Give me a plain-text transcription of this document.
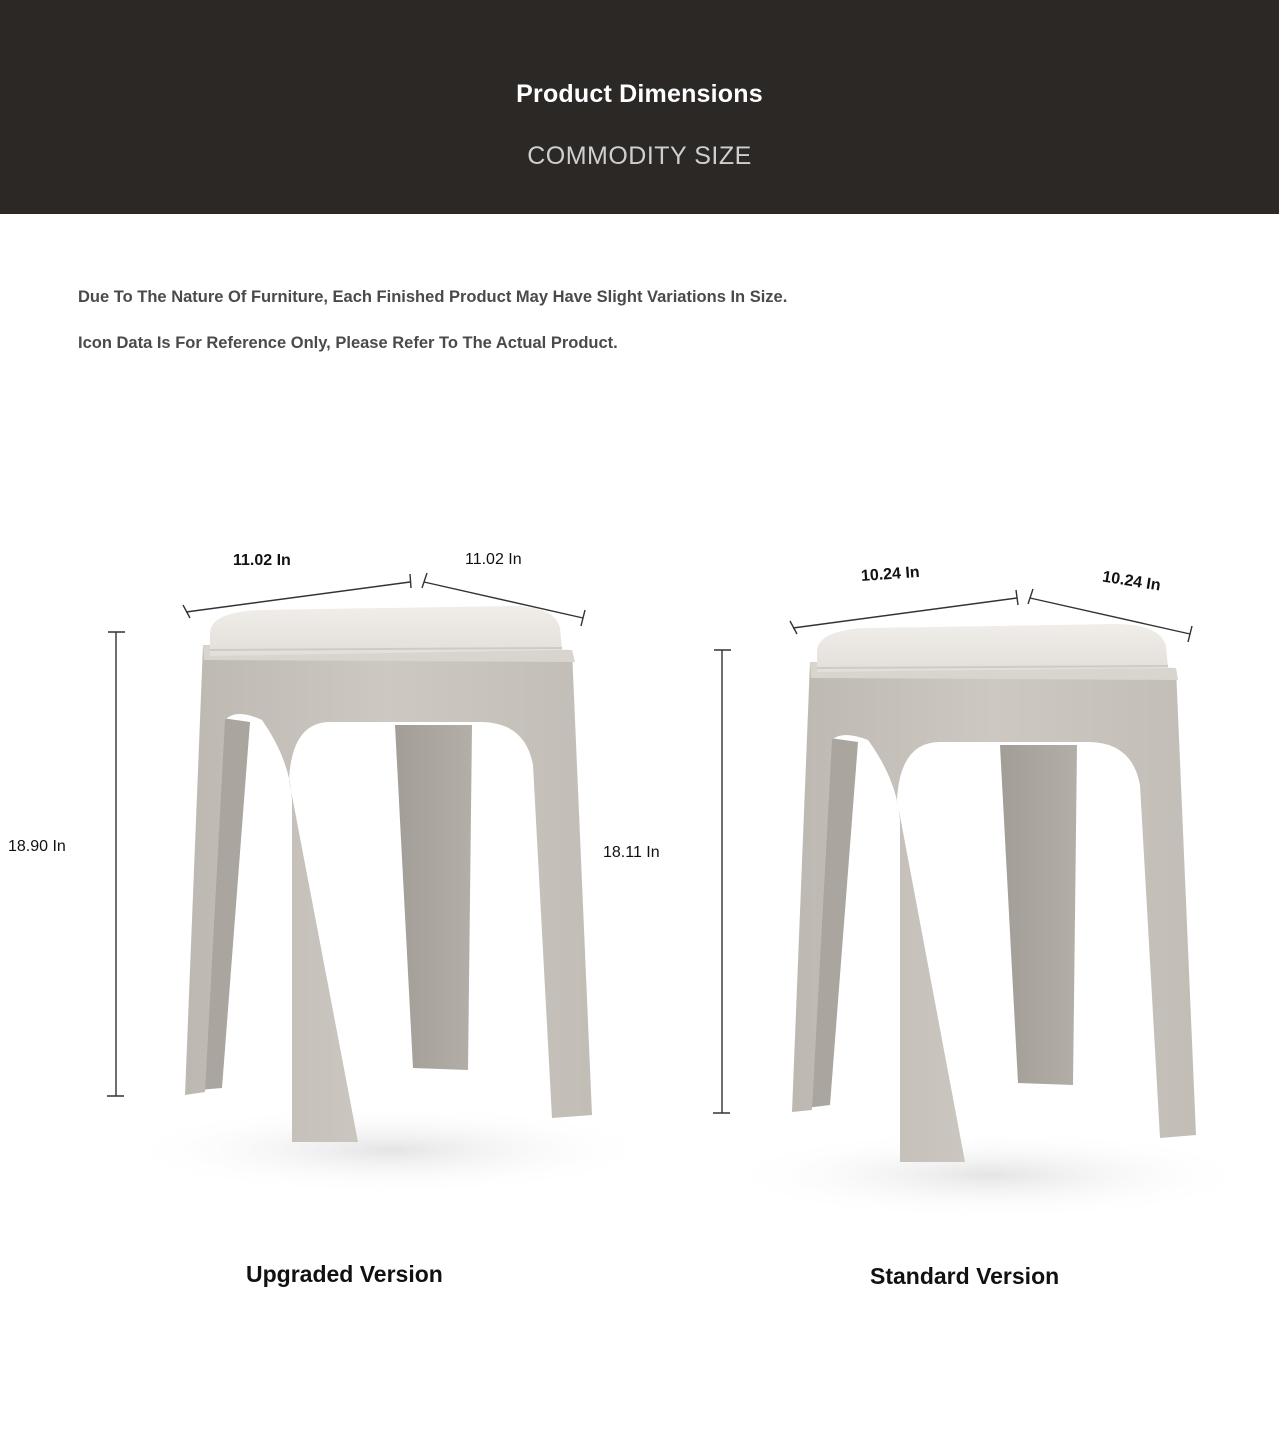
Product Dimensions
COMMODITY SIZE
Due To The Nature Of Furniture, Each Finished Product May Have Slight Variations In Size.
Icon Data Is For Reference Only, Please Refer To The Actual Product.
11.02 In	11.02 In
18.90 In
10.24 In	10.24 In
18.11 In
Upgraded Version	Standard Version
